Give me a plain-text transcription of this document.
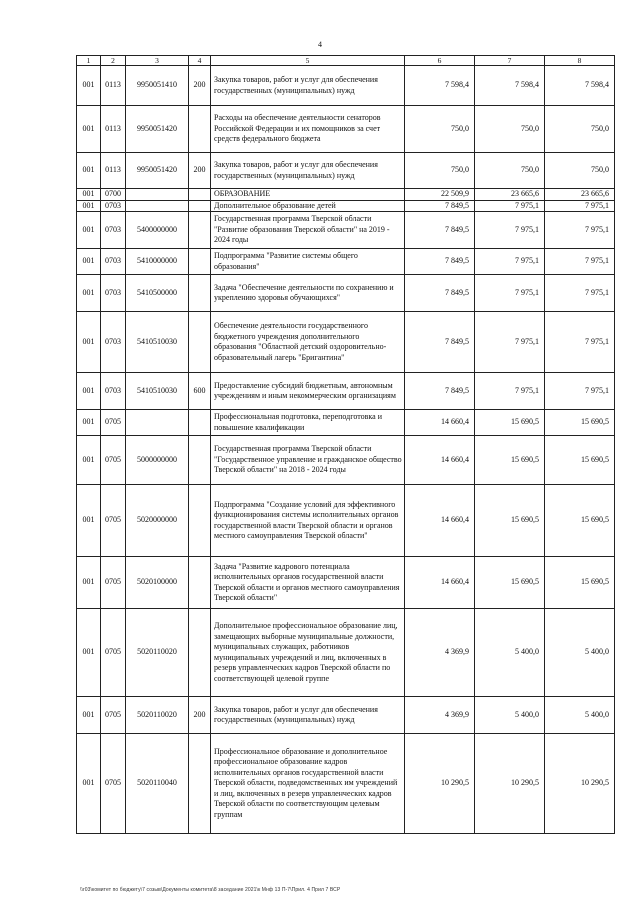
4
1	2	3	4	5	6	7	8
001	0113	9950051410	200	Закупка товаров, работ и услуг для обеспечения государственных (муниципальных) нужд	7 598,4	7 598,4	7 598,4
001	0113	9950051420		Расходы на обеспечение деятельности сенаторов Российской Федерации и их помощников за счет средств федерального бюджета	750,0	750,0	750,0
001	0113	9950051420	200	Закупка товаров, работ и услуг для обеспечения государственных (муниципальных) нужд	750,0	750,0	750,0
001	0700			ОБРАЗОВАНИЕ	22 509,9	23 665,6	23 665,6
001	0703			Дополнительное образование детей	7 849,5	7 975,1	7 975,1
001	0703	5400000000		Государственная программа Тверской области "Развитие образования Тверской области" на 2019 - 2024 годы	7 849,5	7 975,1	7 975,1
001	0703	5410000000		Подпрограмма "Развитие системы общего образования"	7 849,5	7 975,1	7 975,1
001	0703	5410500000		Задача "Обеспечение деятельности по сохранению и укреплению здоровья обучающихся"	7 849,5	7 975,1	7 975,1
001	0703	5410510030		Обеспечение деятельности государственного бюджетного учреждения дополнительного образования "Областной детский оздоровительно-образовательный лагерь "Бригантина"	7 849,5	7 975,1	7 975,1
001	0703	5410510030	600	Предоставление субсидий бюджетным, автономным учреждениям и иным некоммерческим организациям	7 849,5	7 975,1	7 975,1
001	0705			Профессиональная подготовка, переподготовка и повышение квалификации	14 660,4	15 690,5	15 690,5
001	0705	5000000000		Государственная программа Тверской области "Государственное управление и гражданское общество Тверской области" на 2018 - 2024 годы	14 660,4	15 690,5	15 690,5
001	0705	5020000000		Подпрограмма "Создание условий для эффективного функционирования системы исполнительных органов государственной власти Тверской области и органов местного самоуправления Тверской области"	14 660,4	15 690,5	15 690,5
001	0705	5020100000		Задача "Развитие кадрового потенциала исполнительных органов государственной власти Тверской области и органов местного самоуправления Тверской области"	14 660,4	15 690,5	15 690,5
001	0705	5020110020		Дополнительное профессиональное образование лиц, замещающих выборные муниципальные должности, муниципальных служащих, работников муниципальных учреждений и лиц, включенных в резерв управленческих кадров Тверской области по соответствующей целевой группе	4 369,9	5 400,0	5 400,0
001	0705	5020110020	200	Закупка товаров, работ и услуг для обеспечения государственных (муниципальных) нужд	4 369,9	5 400,0	5 400,0
001	0705	5020110040		Профессиональное образование и дополнительное профессиональное образование кадров исполнительных органов государственной власти Тверской области, подведомственных им учреждений и лиц, включенных в резерв управленческих кадров Тверской области по соответствующим целевым группам	10 290,5	10 290,5	10 290,5
\\r03\комитет по бюджету\7 созыв\Документы комитета\8 заседание 2021\к Мнф 13 П-7\Прил. 4 Прил 7 ВСР
